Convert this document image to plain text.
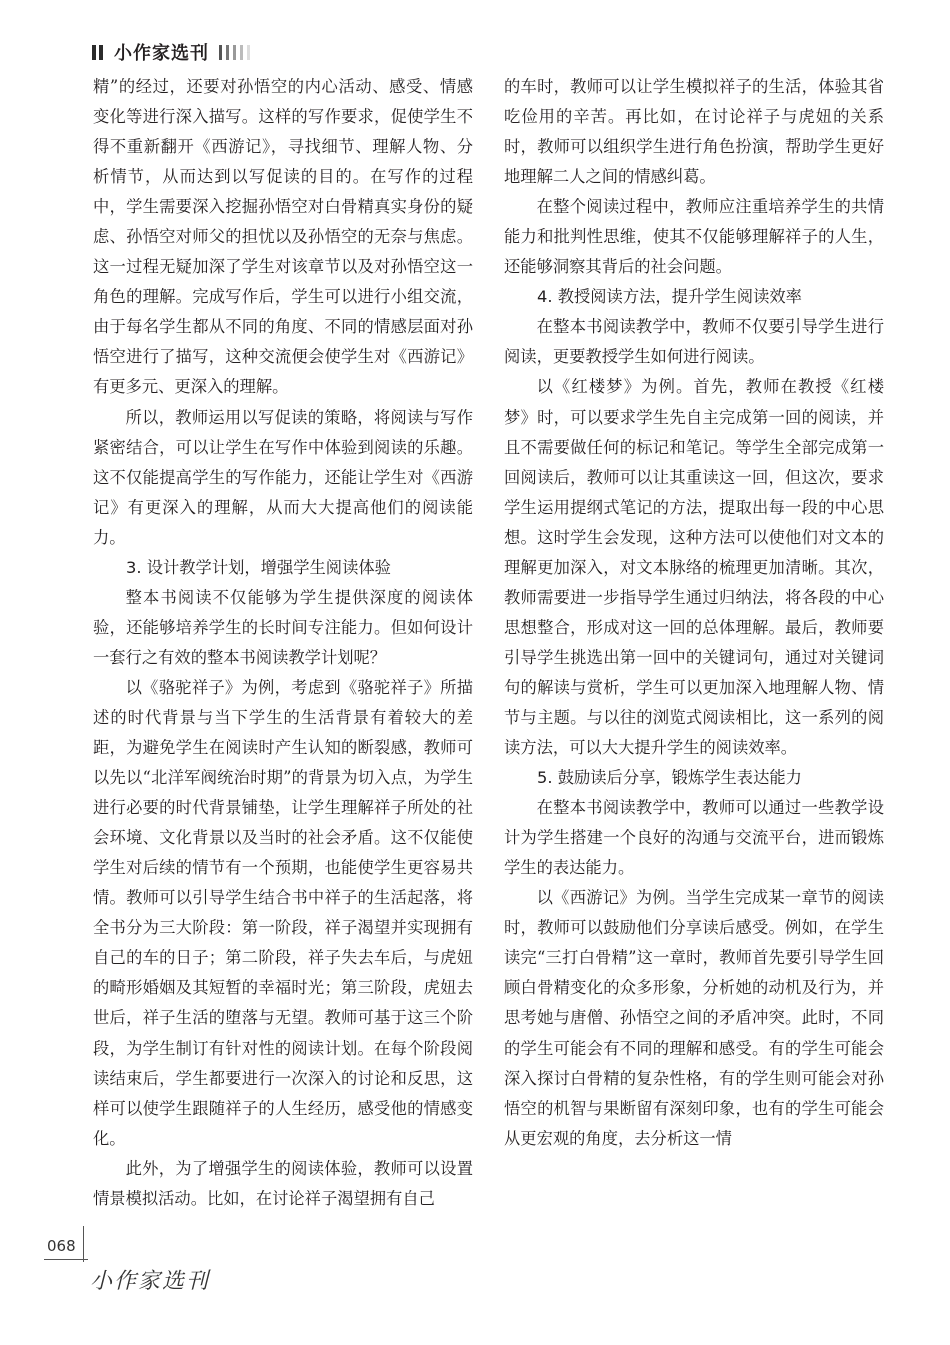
小作家选刊

精”的经过，还要对孙悟空的内心活动、感受、情感变化等进行深入描写。这样的写作要求，促使学生不得不重新翻开《西游记》，寻找细节、理解人物、分析情节，从而达到以写促读的目的。在写作的过程中，学生需要深入挖掘孙悟空对白骨精真实身份的疑虑、孙悟空对师父的担忧以及孙悟空的无奈与焦虑。这一过程无疑加深了学生对该章节以及对孙悟空这一角色的理解。完成写作后，学生可以进行小组交流，由于每名学生都从不同的角度、不同的情感层面对孙悟空进行了描写，这种交流便会使学生对《西游记》有更多元、更深入的理解。

所以，教师运用以写促读的策略，将阅读与写作紧密结合，可以让学生在写作中体验到阅读的乐趣。这不仅能提高学生的写作能力，还能让学生对《西游记》有更深入的理解，从而大大提高他们的阅读能力。

3. 设计教学计划，增强学生阅读体验

整本书阅读不仅能够为学生提供深度的阅读体验，还能够培养学生的长时间专注能力。但如何设计一套行之有效的整本书阅读教学计划呢？

以《骆驼祥子》为例，考虑到《骆驼祥子》所描述的时代背景与当下学生的生活背景有着较大的差距，为避免学生在阅读时产生认知的断裂感，教师可以先以“北洋军阀统治时期”的背景为切入点，为学生进行必要的时代背景铺垫，让学生理解祥子所处的社会环境、文化背景以及当时的社会矛盾。这不仅能使学生对后续的情节有一个预期，也能使学生更容易共情。教师可以引导学生结合书中祥子的生活起落，将全书分为三大阶段：第一阶段，祥子渴望并实现拥有自己的车的日子；第二阶段，祥子失去车后，与虎妞的畸形婚姻及其短暂的幸福时光；第三阶段，虎妞去世后，祥子生活的堕落与无望。教师可基于这三个阶段，为学生制订有针对性的阅读计划。在每个阶段阅读结束后，学生都要进行一次深入的讨论和反思，这样可以使学生跟随祥子的人生经历，感受他的情感变化。

此外，为了增强学生的阅读体验，教师可以设置情景模拟活动。比如，在讨论祥子渴望拥有自己

的车时，教师可以让学生模拟祥子的生活，体验其省吃俭用的辛苦。再比如，在讨论祥子与虎妞的关系时，教师可以组织学生进行角色扮演，帮助学生更好地理解二人之间的情感纠葛。

在整个阅读过程中，教师应注重培养学生的共情能力和批判性思维，使其不仅能够理解祥子的人生，还能够洞察其背后的社会问题。

4. 教授阅读方法，提升学生阅读效率

在整本书阅读教学中，教师不仅要引导学生进行阅读，更要教授学生如何进行阅读。

以《红楼梦》为例。首先，教师在教授《红楼梦》时，可以要求学生先自主完成第一回的阅读，并且不需要做任何的标记和笔记。等学生全部完成第一回阅读后，教师可以让其重读这一回，但这次，要求学生运用提纲式笔记的方法，提取出每一段的中心思想。这时学生会发现，这种方法可以使他们对文本的理解更加深入，对文本脉络的梳理更加清晰。其次，教师需要进一步指导学生通过归纳法，将各段的中心思想整合，形成对这一回的总体理解。最后，教师要引导学生挑选出第一回中的关键词句，通过对关键词句的解读与赏析，学生可以更加深入地理解人物、情节与主题。与以往的浏览式阅读相比，这一系列的阅读方法，可以大大提升学生的阅读效率。

5. 鼓励读后分享，锻炼学生表达能力

在整本书阅读教学中，教师可以通过一些教学设计为学生搭建一个良好的沟通与交流平台，进而锻炼学生的表达能力。

以《西游记》为例。当学生完成某一章节的阅读时，教师可以鼓励他们分享读后感受。例如，在学生读完“三打白骨精”这一章时，教师首先要引导学生回顾白骨精变化的众多形象，分析她的动机及行为，并思考她与唐僧、孙悟空之间的矛盾冲突。此时，不同的学生可能会有不同的理解和感受。有的学生可能会深入探讨白骨精的复杂性格，有的学生则可能会对孙悟空的机智与果断留有深刻印象，也有的学生可能会从更宏观的角度，去分析这一情

068
小作家选刊
